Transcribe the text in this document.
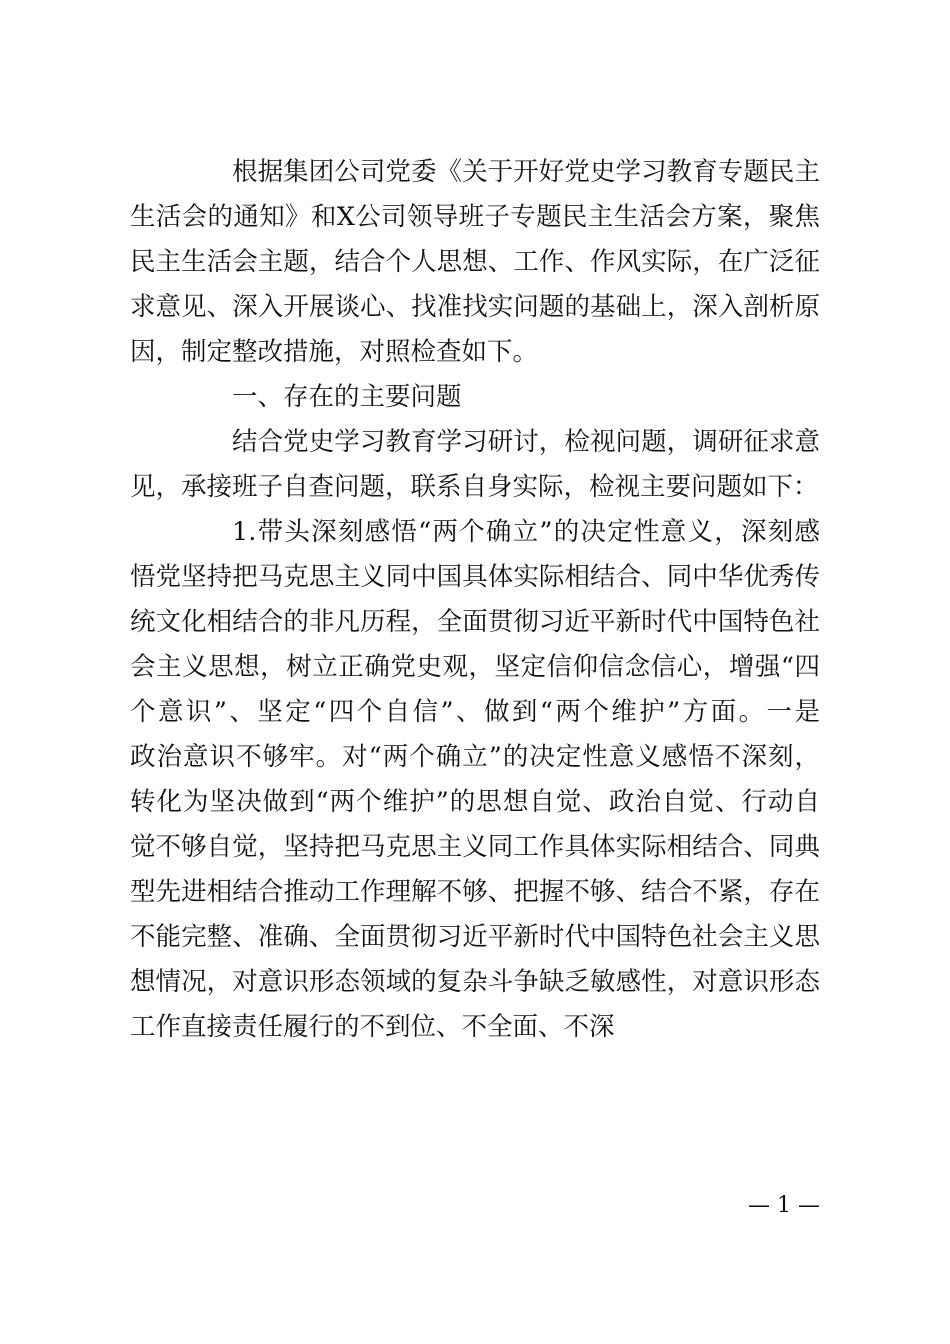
根据集团公司党委《关于开好党史学习教育专题民主
生活会的通知》和X公司领导班子专题民主生活会方案，聚焦
民主生活会主题，结合个人思想、工作、作风实际，在广泛征
求意见、深入开展谈心、找准找实问题的基础上，深入剖析原
因，制定整改措施，对照检查如下。
一、存在的主要问题
结合党史学习教育学习研讨，检视问题，调研征求意
见，承接班子自查问题，联系自身实际，检视主要问题如下：
1.带头深刻感悟“两个确立”的决定性意义，深刻感
悟党坚持把马克思主义同中国具体实际相结合、同中华优秀传
统文化相结合的非凡历程，全面贯彻习近平新时代中国特色社
会主义思想，树立正确党史观，坚定信仰信念信心，增强“四
个意识”、坚定“四个自信”、做到“两个维护”方面。一是
政治意识不够牢。对“两个确立”的决定性意义感悟不深刻，
转化为坚决做到“两个维护”的思想自觉、政治自觉、行动自
觉不够自觉，坚持把马克思主义同工作具体实际相结合、同典
型先进相结合推动工作理解不够、把握不够、结合不紧，存在
不能完整、准确、全面贯彻习近平新时代中国特色社会主义思
想情况，对意识形态领域的复杂斗争缺乏敏感性，对意识形态
工作直接责任履行的不到位、不全面、不深
— 1 —
